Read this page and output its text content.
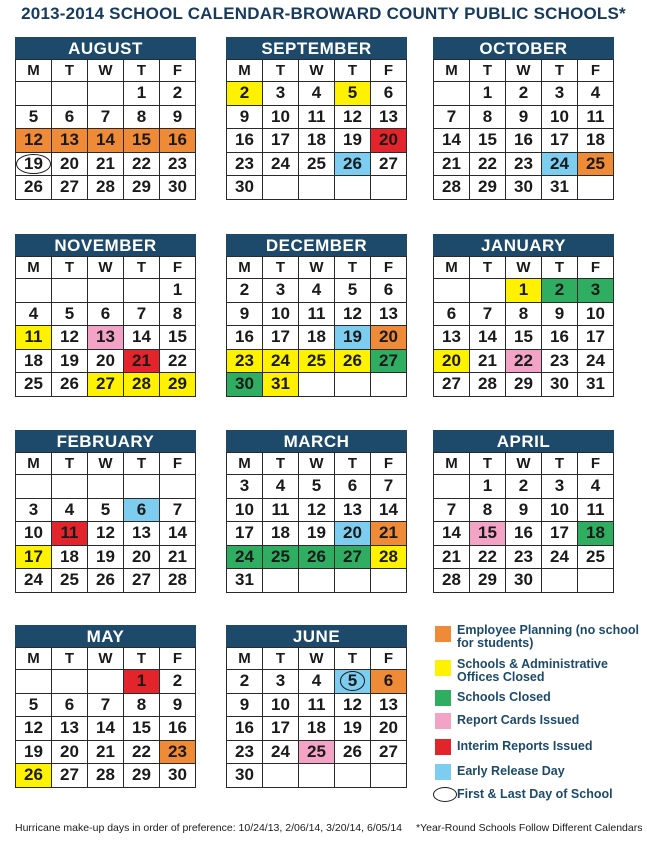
2013-2014 SCHOOL CALENDAR-BROWARD COUNTY PUBLIC SCHOOLS*
AUGUST
M	T	W	T	F
			1	2
5	6	7	8	9
12	13	14	15	16
19	20	21	22	23
26	27	28	29	30
SEPTEMBER
M	T	W	T	F
2	3	4	5	6
9	10	11	12	13
16	17	18	19	20
23	24	25	26	27
30				
OCTOBER
M	T	W	T	F
	1	2	3	4
7	8	9	10	11
14	15	16	17	18
21	22	23	24	25
28	29	30	31	
NOVEMBER
M	T	W	T	F
				1
4	5	6	7	8
11	12	13	14	15
18	19	20	21	22
25	26	27	28	29
DECEMBER
M	T	W	T	F
2	3	4	5	6
9	10	11	12	13
16	17	18	19	20
23	24	25	26	27
30	31			
JANUARY
M	T	W	T	F
		1	2	3
6	7	8	9	10
13	14	15	16	17
20	21	22	23	24
27	28	29	30	31
FEBRUARY
M	T	W	T	F

3	4	5	6	7
10	11	12	13	14
17	18	19	20	21
24	25	26	27	28
MARCH
M	T	W	T	F
3	4	5	6	7
10	11	12	13	14
17	18	19	20	21
24	25	26	27	28
31				
APRIL
M	T	W	T	F
	1	2	3	4
7	8	9	10	11
14	15	16	17	18
21	22	23	24	25
28	29	30		
MAY
M	T	W	T	F
			1	2
5	6	7	8	9
12	13	14	15	16
19	20	21	22	23
26	27	28	29	30
JUNE
M	T	W	T	F
2	3	4	5	6
9	10	11	12	13
16	17	18	19	20
23	24	25	26	27
30				
Employee Planning (no school for students)
Schools & Administrative Offices Closed
Schools Closed
Report Cards Issued
Interim Reports Issued
Early Release Day
First & Last Day of School
Hurricane make-up days in order of preference: 10/24/13, 2/06/14, 3/20/14, 6/05/14 *Year-Round Schools Follow Different Calendars
